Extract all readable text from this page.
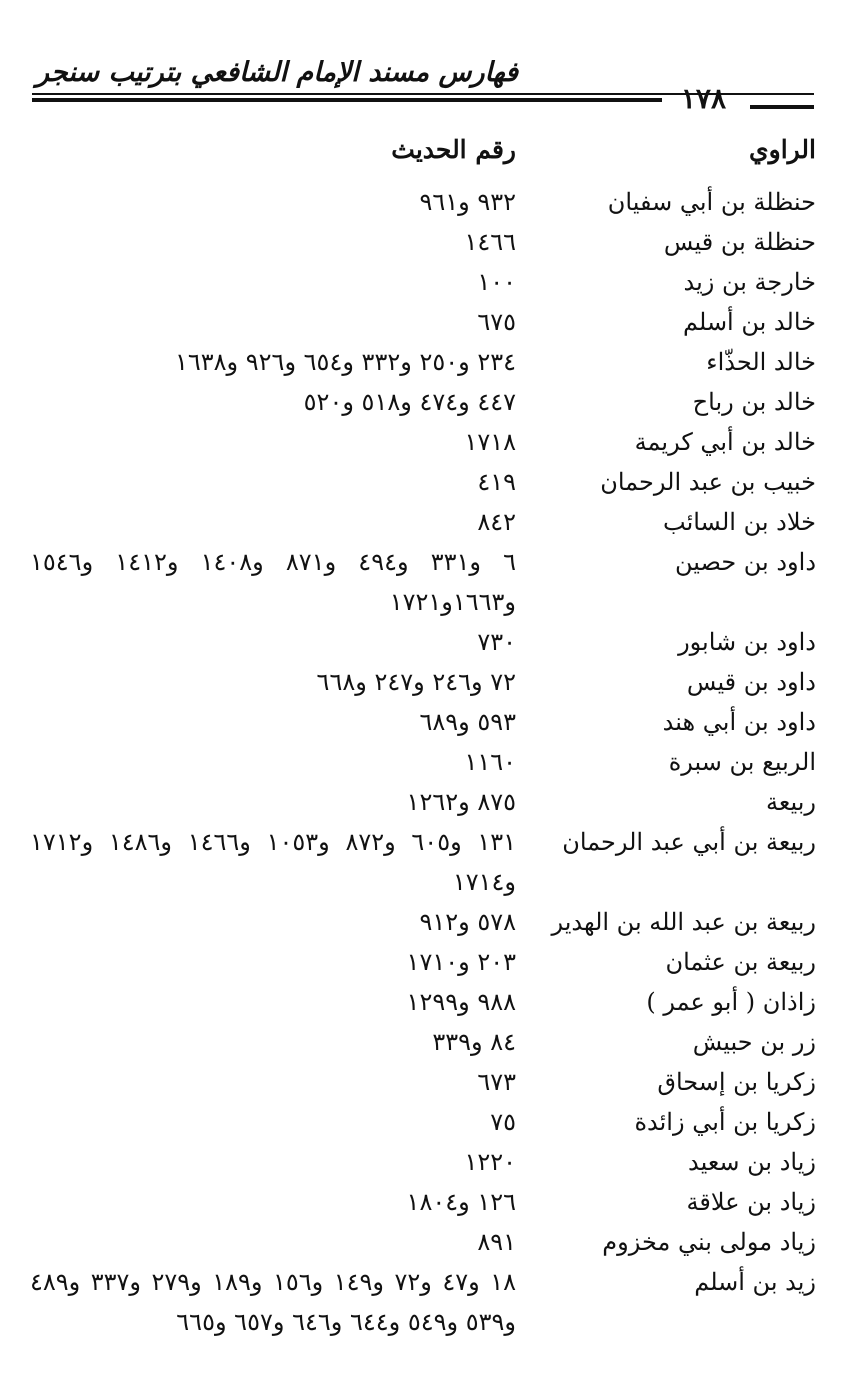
فهارس مسند الإمام الشافعي بترتيب سنجر
١٧٨
الراوي
رقم الحديث
حنظلة بن أبي سفيان
٩٣٢ و٩٦١
حنظلة بن قيس
١٤٦٦
خارجة بن زيد
١٠٠
خالد بن أسلم
٦٧٥
خالد الحذّاء
٢٣٤ و٢٥٠ و٣٣٢ و٦٥٤ و٩٢٦ و١٦٣٨
خالد بن رباح
٤٤٧ و٤٧٤ و٥١٨ و٥٢٠
خالد بن أبي كريمة
١٧١٨
خبيب بن عبد الرحمان
٤١٩
خلاد بن السائب
٨٤٢
داود بن حصين
٦ و٣٣١ و٤٩٤ و٨٧١ و١٤٠٨ و١٤١٢ و١٥٤٦ و١٦٦٣و١٧٢١
داود بن شابور
٧٣٠
داود بن قيس
٧٢ و٢٤٦ و٢٤٧ و٦٦٨
داود بن أبي هند
٥٩٣ و٦٨٩
الربيع بن سبرة
١١٦٠
ربيعة
٨٧٥ و١٢٦٢
ربيعة بن أبي عبد الرحمان
١٣١ و٦٠٥ و٨٧٢ و١٠٥٣ و١٤٦٦ و١٤٨٦ و١٧١٢ و١٧١٤
ربيعة بن عبد الله بن الهدير
٥٧٨ و٩١٢
ربيعة بن عثمان
٢٠٣ و١٧١٠
زاذان ( أبو عمر )
٩٨٨ و١٢٩٩
زر بن حبيش
٨٤ و٣٣٩
زكريا بن إسحاق
٦٧٣
زكريا بن أبي زائدة
٧٥
زياد بن سعيد
١٢٢٠
زياد بن علاقة
١٢٦ و١٨٠٤
زياد مولى بني مخزوم
٨٩١
زيد بن أسلم
١٨ و٤٧ و٧٢ و١٤٩ و١٥٦ و١٨٩ و٢٧٩ و٣٣٧ و٤٨٩ و٥٣٩ و٥٤٩ و٦٤٤ و٦٤٦ و٦٥٧ و٦٦٥
